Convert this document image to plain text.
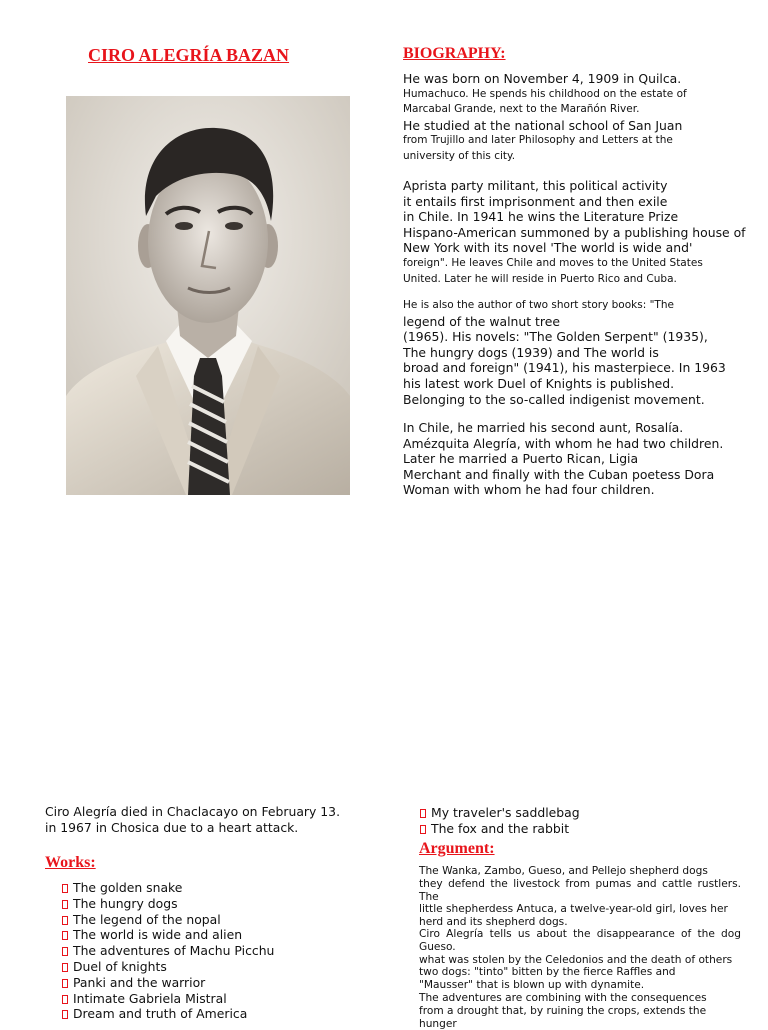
CIRO ALEGRÍA BAZAN	BIOGRAPHY:
He was born on November 4, 1909 in Quilca.
Humachuco. He spends his childhood on the estate of
Marcabal Grande, next to the Marañón River.
He studied at the national school of San Juan
from Trujillo and later Philosophy and Letters at the
university of this city.
Aprista party militant, this political activity
it entails first imprisonment and then exile
in Chile. In 1941 he wins the Literature Prize
Hispano-American summoned by a publishing house of
New York with its novel 'The world is wide and'
foreign". He leaves Chile and moves to the United States
United. Later he will reside in Puerto Rico and Cuba.
He is also the author of two short story books: "The
legend of the walnut tree
(1965). His novels: "The Golden Serpent" (1935),
The hungry dogs (1939) and The world is
broad and foreign" (1941), his masterpiece. In 1963
his latest work Duel of Knights is published.
Belonging to the so-called indigenist movement.
In Chile, he married his second aunt, Rosalía.
Amézquita Alegría, with whom he had two children.
Later he married a Puerto Rican, Ligia
Merchant and finally with the Cuban poetess Dora
Woman with whom he had four children.
Ciro Alegría died in Chaclacayo on February 13.
in 1967 in Chosica due to a heart attack.
Works:
The golden snake
The hungry dogs
The legend of the nopal
The world is wide and alien
The adventures of Machu Picchu
Duel of knights
Panki and the warrior
Intimate Gabriela Mistral
Dream and truth of America
My traveler's saddlebag
The fox and the rabbit
Argument:
The Wanka, Zambo, Gueso, and Pellejo shepherd dogs
they defend the livestock from pumas and cattle rustlers. The
little shepherdess Antuca, a twelve-year-old girl, loves her
herd and its shepherd dogs.
Ciro Alegría tells us about the disappearance of the dog Gueso.
what was stolen by the Celedonios and the death of others
two dogs: "tinto" bitten by the fierce Raffles and
"Mausser" that is blown up with dynamite.
The adventures are combining with the consequences
from a drought that, by ruining the crops, extends the
hunger
